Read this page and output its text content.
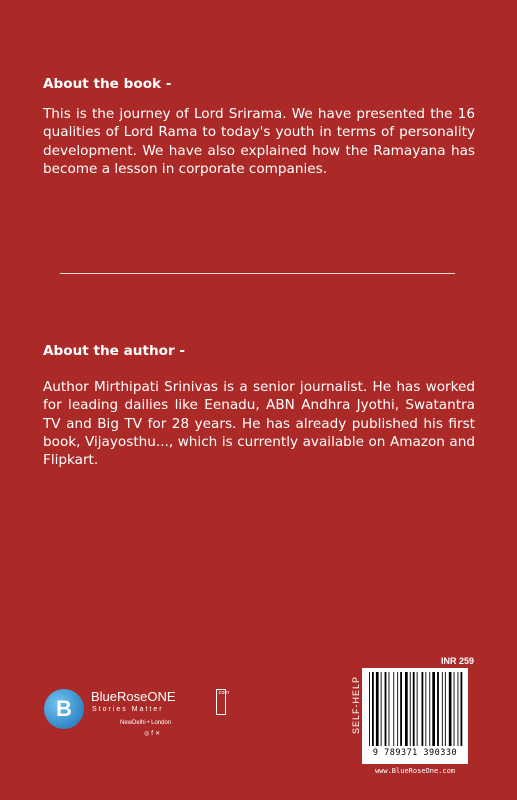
About the book -

This is the journey of Lord Srirama. We have presented the 16 qualities of Lord Rama to today's youth in terms of personality development. We have also explained how the Ramayana has become a lesson in corporate companies.

About the author -

Author Mirthipati Srinivas is a senior journalist. He has worked for leading dailies like Eenadu, ABN Andhra Jyothi, Swatantra TV and Big TV for 28 years. He has already published his first book, Vijayosthu..., which is currently available on Amazon and Flipkart.

B	BlueRoseONE
Stories Matter
.com
NewDelhi • London
◎ f ✕
INR 259
SELF-HELP
9 789371 390330
www.BlueRoseOne.com
